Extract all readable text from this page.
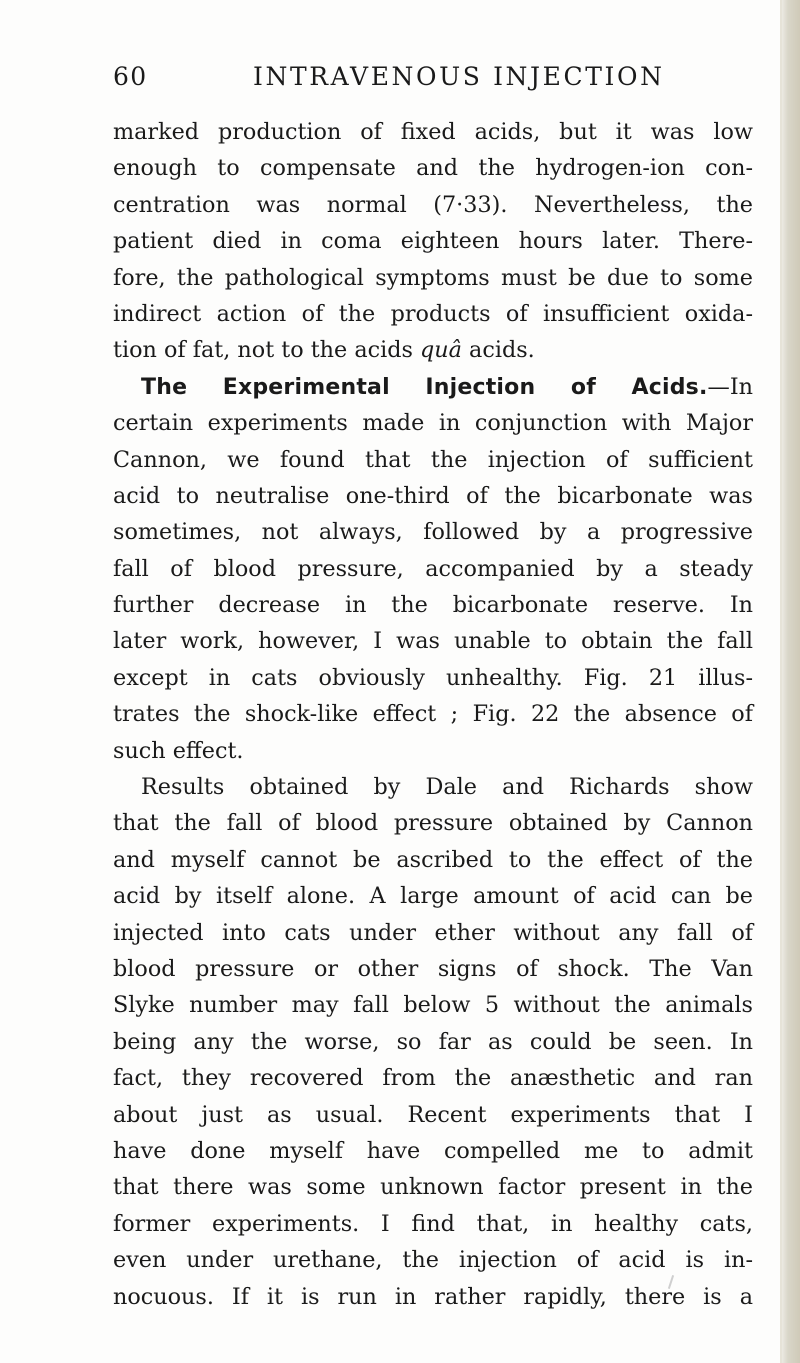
60	INTRAVENOUS INJECTION
marked production of fixed acids, but it was low
enough to compensate and the hydrogen-ion con-
centration was normal (7·33). Nevertheless, the
patient died in coma eighteen hours later. There-
fore, the pathological symptoms must be due to some
indirect action of the products of insufficient oxida-
tion of fat, not to the acids quâ acids.
The Experimental Injection of Acids.—In
certain experiments made in conjunction with Major
Cannon, we found that the injection of sufficient
acid to neutralise one-third of the bicarbonate was
sometimes, not always, followed by a progressive
fall of blood pressure, accompanied by a steady
further decrease in the bicarbonate reserve. In
later work, however, I was unable to obtain the fall
except in cats obviously unhealthy. Fig. 21 illus-
trates the shock-like effect ; Fig. 22 the absence of
such effect.
Results obtained by Dale and Richards show
that the fall of blood pressure obtained by Cannon
and myself cannot be ascribed to the effect of the
acid by itself alone. A large amount of acid can be
injected into cats under ether without any fall of
blood pressure or other signs of shock. The Van
Slyke number may fall below 5 without the animals
being any the worse, so far as could be seen. In
fact, they recovered from the anæsthetic and ran
about just as usual. Recent experiments that I
have done myself have compelled me to admit
that there was some unknown factor present in the
former experiments. I find that, in healthy cats,
even under urethane, the injection of acid is in-
nocuous. If it is run in rather rapidly, there is a
